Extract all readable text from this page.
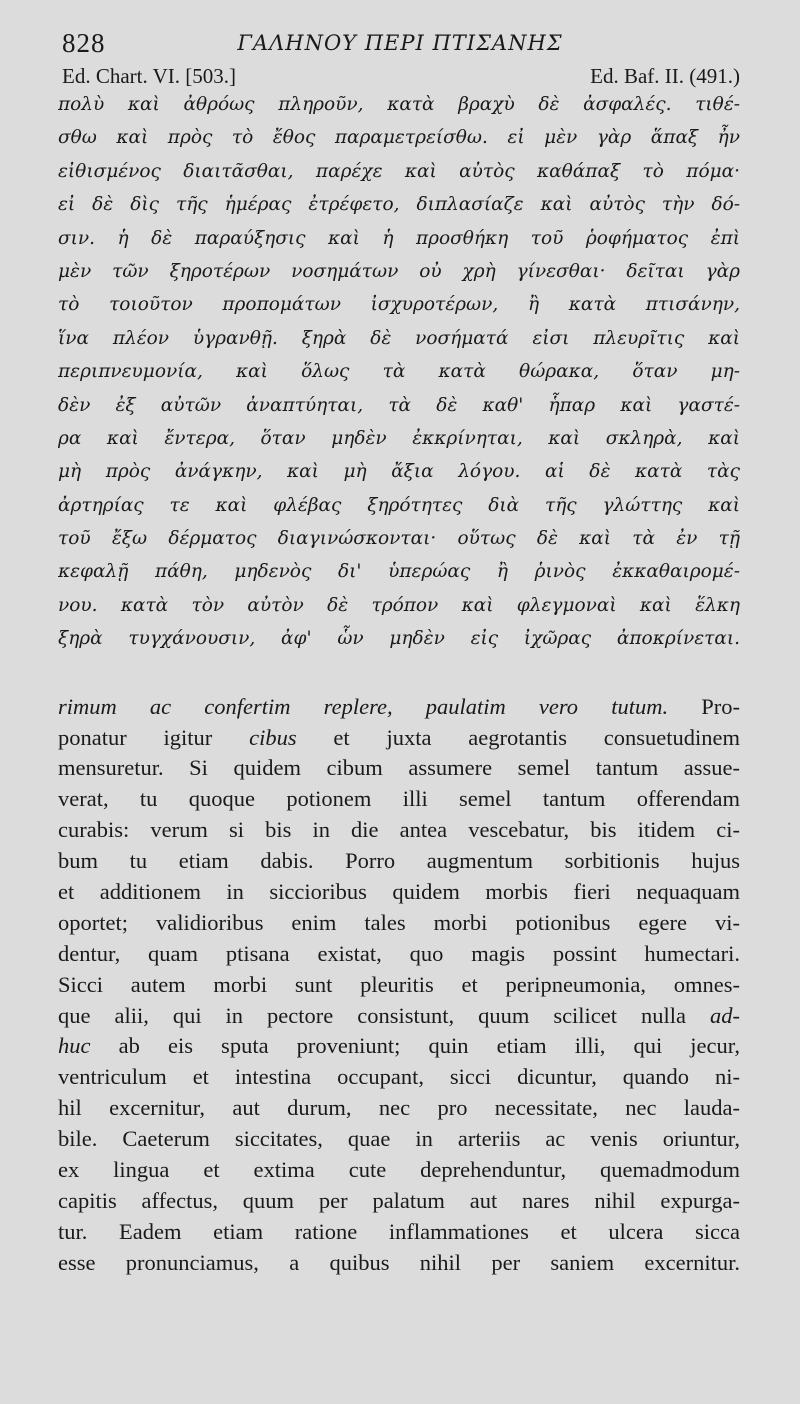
828	ΓΑΛΗΝΟΥ ΠΕΡΙ ΠΤΙΣΑΝΗΣ
Ed. Chart. VI. [503.]	Ed. Baf. II. (491.)
πολὺ καὶ ἀθρόως πληροῦν, κατὰ βραχὺ δὲ ἀσφαλές. τιθέ-
σθω καὶ πρὸς τὸ ἔθος παραμετρείσθω. εἰ μὲν γὰρ ἅπαξ ἦν
εἰθισμένος διαιτᾶσθαι, παρέχε καὶ αὐτὸς καθάπαξ τὸ πόμα·
εἰ δὲ δὶς τῆς ἡμέρας ἐτρέφετο, διπλασίαζε καὶ αὐτὸς τὴν δό-
σιν. ἡ δὲ παραύξησις καὶ ἡ προσθήκη τοῦ ῥοφήματος ἐπὶ
μὲν τῶν ξηροτέρων νοσημάτων οὐ χρὴ γίνεσθαι· δεῖται γὰρ
τὸ τοιοῦτον προπομάτων ἰσχυροτέρων, ἢ κατὰ πτισάνην,
ἵνα πλέον ὑγρανθῇ. ξηρὰ δὲ νοσήματά εἰσι πλευρῖτις καὶ
περιπνευμονία, καὶ ὅλως τὰ κατὰ θώρακα, ὅταν μη-
δὲν ἐξ αὐτῶν ἀναπτύηται, τὰ δὲ καθ' ἧπαρ καὶ γαστέ-
ρα καὶ ἔντερα, ὅταν μηδὲν ἐκκρίνηται, καὶ σκληρὰ, καὶ
μὴ πρὸς ἀνάγκην, καὶ μὴ ἄξια λόγου. αἱ δὲ κατὰ τὰς
ἀρτηρίας τε καὶ φλέβας ξηρότητες διὰ τῆς γλώττης καὶ
τοῦ ἔξω δέρματος διαγινώσκονται· οὕτως δὲ καὶ τὰ ἐν τῇ
κεφαλῇ πάθη, μηδενὸς δι' ὑπερώας ἢ ῥινὸς ἐκκαθαιρομέ-
νου. κατὰ τὸν αὐτὸν δὲ τρόπον καὶ φλεγμοναὶ καὶ ἕλκη
ξηρὰ τυγχάνουσιν, ἀφ' ὧν μηδὲν εἰς ἰχῶρας ἀποκρίνεται.
rimum ac confertim replere, paulatim vero tutum. Pro-
ponatur igitur cibus et juxta aegrotantis consuetudinem
mensuretur. Si quidem cibum assumere semel tantum assue-
verat, tu quoque potionem illi semel tantum offerendam
curabis: verum si bis in die antea vescebatur, bis itidem ci-
bum tu etiam dabis. Porro augmentum sorbitionis hujus
et additionem in siccioribus quidem morbis fieri nequaquam
oportet; validioribus enim tales morbi potionibus egere vi-
dentur, quam ptisana existat, quo magis possint humectari.
Sicci autem morbi sunt pleuritis et peripneumonia, omnes-
que alii, qui in pectore consistunt, quum scilicet nulla ad-
huc ab eis sputa proveniunt; quin etiam illi, qui jecur,
ventriculum et intestina occupant, sicci dicuntur, quando ni-
hil excernitur, aut durum, nec pro necessitate, nec lauda-
bile. Caeterum siccitates, quae in arteriis ac venis oriuntur,
ex lingua et extima cute deprehenduntur, quemadmodum
capitis affectus, quum per palatum aut nares nihil expurga-
tur. Eadem etiam ratione inflammationes et ulcera sicca
esse pronunciamus, a quibus nihil per saniem excernitur.
